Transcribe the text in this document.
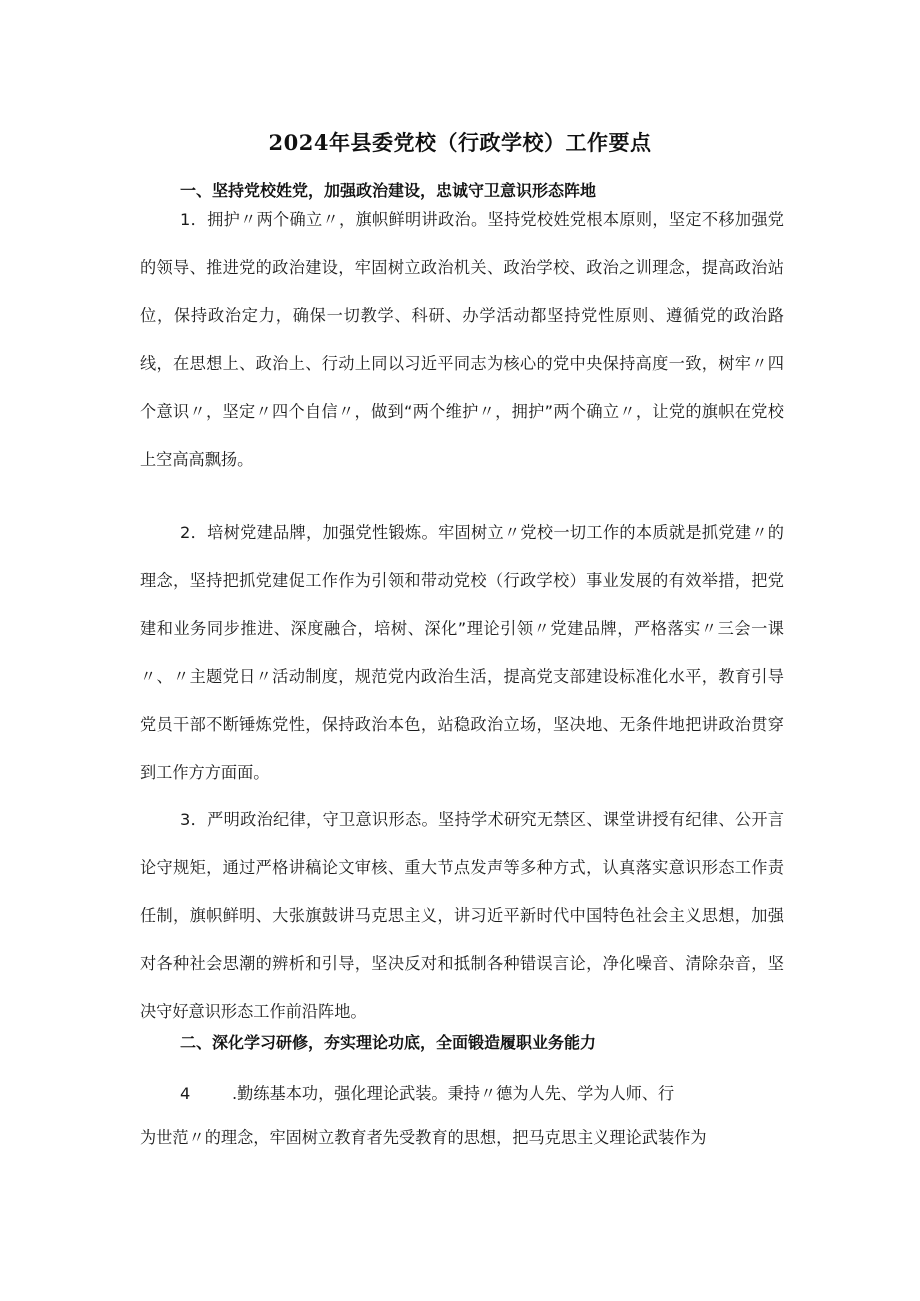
2024年县委党校（行政学校）工作要点
一、坚持党校姓党，加强政治建设，忠诚守卫意识形态阵地
1．拥护〃两个确立〃，旗帜鲜明讲政治。坚持党校姓党根本原则，坚定不移加强党的领导、推进党的政治建设，牢固树立政治机关、政治学校、政治之训理念，提高政治站位，保持政治定力，确保一切教学、科研、办学活动都坚持党性原则、遵循党的政治路线，在思想上、政治上、行动上同以习近平同志为核心的党中央保持高度一致，树牢〃四个意识〃，坚定〃四个自信〃，做到“两个维护〃，拥护”两个确立〃，让党的旗帜在党校上空高高飘扬。
2．培树党建品牌，加强党性锻炼。牢固树立〃党校一切工作的本质就是抓党建〃的理念，坚持把抓党建促工作作为引领和带动党校（行政学校）事业发展的有效举措，把党建和业务同步推进、深度融合，培树、深化”理论引领〃党建品牌，严格落实〃三会一课〃、〃主题党日〃活动制度，规范党内政治生活，提高党支部建设标准化水平，教育引导党员干部不断锤炼党性，保持政治本色，站稳政治立场，坚决地、无条件地把讲政治贯穿到工作方方面面。
3．严明政治纪律，守卫意识形态。坚持学术研究无禁区、课堂讲授有纪律、公开言论守规矩，通过严格讲稿论文审核、重大节点发声等多种方式，认真落实意识形态工作责任制，旗帜鲜明、大张旗鼓讲马克思主义，讲习近平新时代中国特色社会主义思想，加强对各种社会思潮的辨析和引导，坚决反对和抵制各种错误言论，净化噪音、清除杂音，坚决守好意识形态工作前沿阵地。
二、深化学习研修，夯实理论功底，全面锻造履职业务能力
4	.勤练基本功，强化理论武装。秉持〃德为人先、学为人师、行
为世范〃的理念，牢固树立教育者先受教育的思想，把马克思主义理论武装作为
